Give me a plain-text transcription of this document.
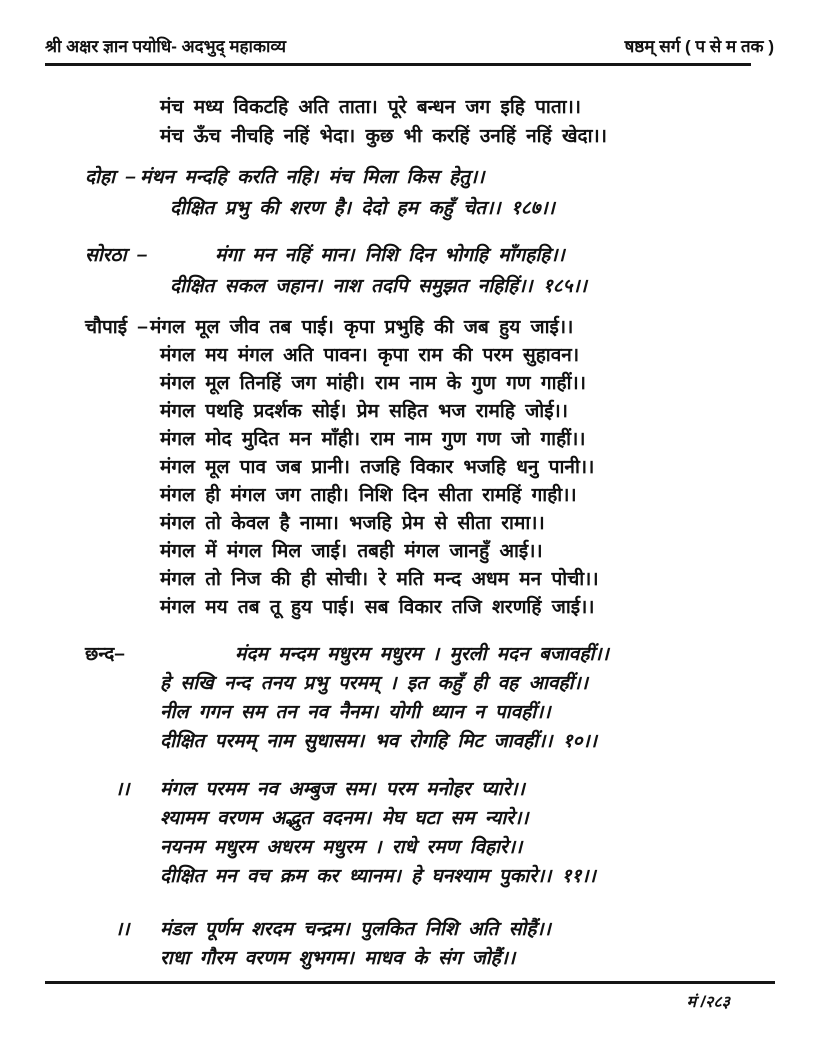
श्री अक्षर ज्ञान पयोधि- अदभुद् महाकाव्य	षष्ठम् सर्ग ( प से म तक )

मंच मध्य विकटहि अति ताता। पूरे बन्धन जग इहि पाता।।

मंच ऊँच नीचहि नहिं भेदा। कुछ भी करहिं उनहिं नहिं खेदा।।

दोहा – मंथन मन्दहि करति नहि। मंच मिला किस हेतु।।

दीक्षित प्रभु की शरण है। देदो हम कहुँ चेत।। १८७।।

सोरठा –	मंगा मन नहिं मान। निशि दिन भोगहि माँगहहि।।

दीक्षित सकल जहान। नाश तदपि समुझत नहिहिं।। १८५।।

चौपाई – मंगल मूल जीव तब पाई। कृपा प्रभुहि की जब हुय जाई।।

मंगल मय मंगल अति पावन। कृपा राम की परम सुहावन।

मंगल मूल तिनहिं जग मांही। राम नाम के गुण गण गाहीं।।

मंगल पथहि प्रदर्शक सोई। प्रेम सहित भज रामहि जोई।।

मंगल मोद मुदित मन माँही। राम नाम गुण गण जो गाहीं।।

मंगल मूल पाव जब प्रानी। तजहि विकार भजहि धनु पानी।।

मंगल ही मंगल जग ताही। निशि दिन सीता रामहिं गाही।।

मंगल तो केवल है नामा। भजहि प्रेम से सीता रामा।।

मंगल में मंगल मिल जाई। तबही मंगल जानहुँ आई।।

मंगल तो निज की ही सोची। रे मति मन्द अधम मन पोची।।

मंगल मय तब तू हुय पाई। सब विकार तजि शरणहिं जाई।।

छन्द–	मंदम मन्दम मधुरम मधुरम । मुरली मदन बजावहीं।।

हे सखि नन्द तनय प्रभु परमम् । इत कहुँ ही वह आवहीं।।

नील गगन सम तन नव नैनम। योगी ध्यान न पावहीं।।

दीक्षित परमम् नाम सुधासम। भव रोगहि मिट जावहीं।। १०।।

।। मंगल परमम नव अम्बुज सम। परम मनोहर प्यारे।।

श्यामम वरणम अद्भुत वदनम। मेघ घटा सम न्यारे।।

नयनम मधुरम अधरम मधुरम । राधे रमण विहारे।।

दीक्षित मन वच क्रम कर ध्यानम। हे घनश्याम पुकारे।। ११।।

।। मंडल पूर्णम शरदम चन्द्रम। पुलकित निशि अति सोहैं।।

राधा गौरम वरणम शुभगम। माधव के संग जोहैं।।

मं /२८३
